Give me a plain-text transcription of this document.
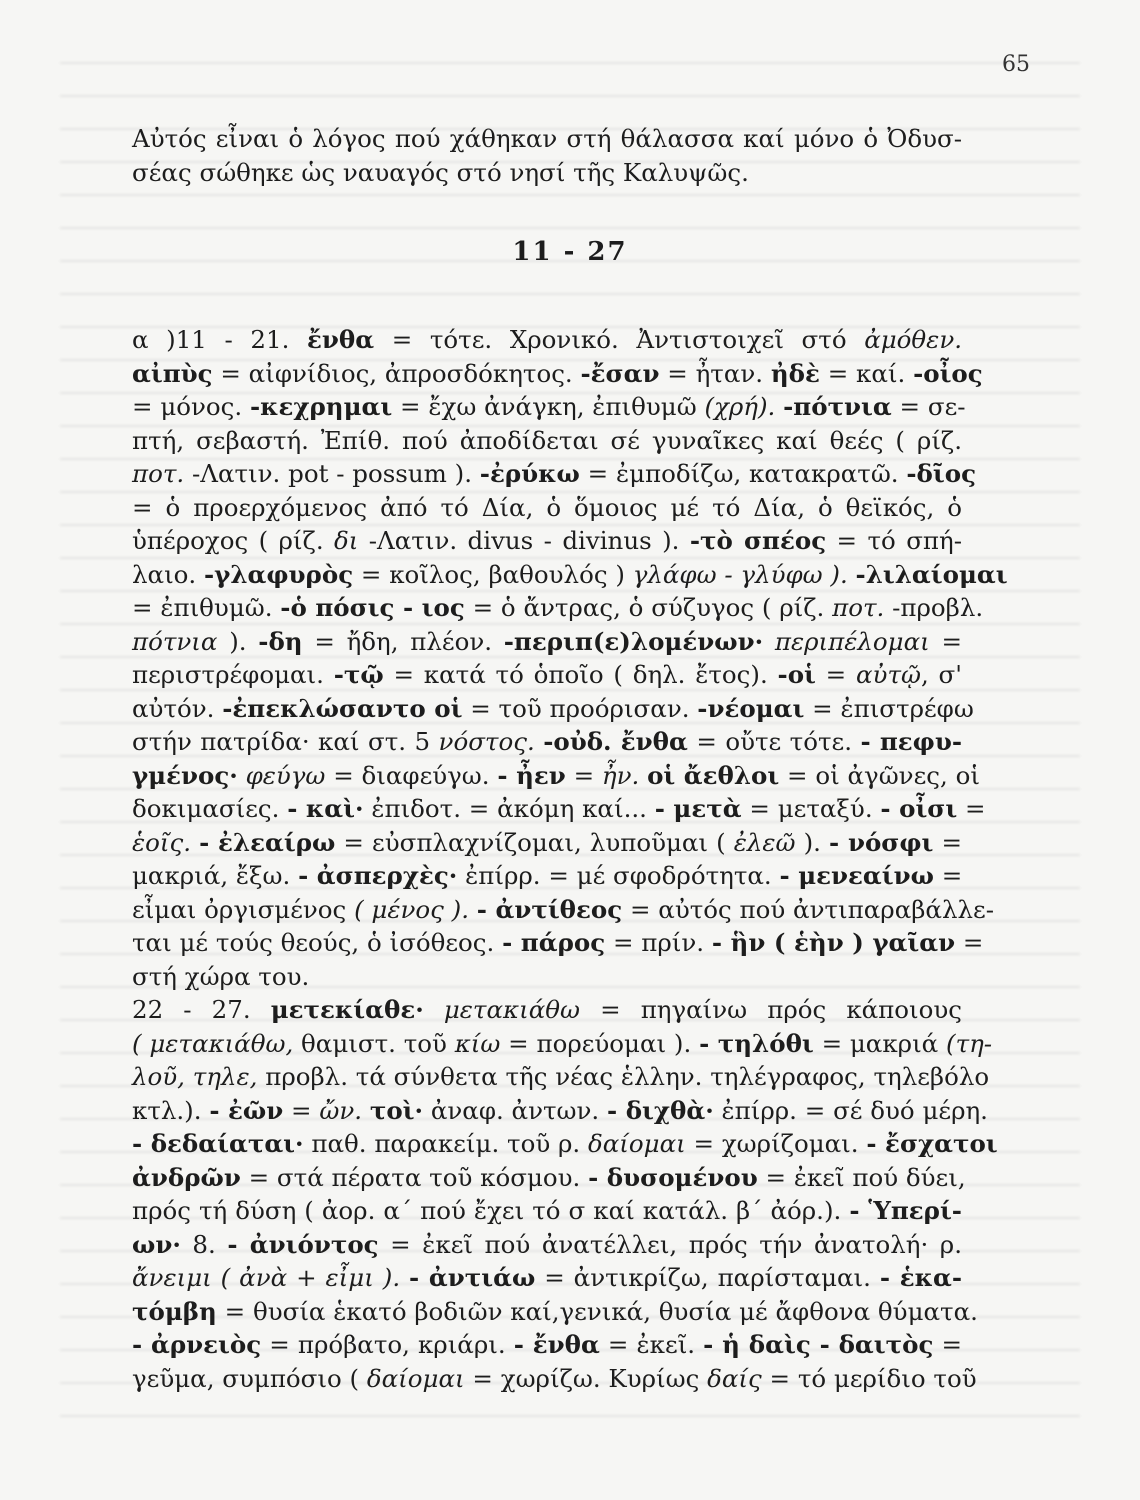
65
Αὐτός εἶναι ὁ λόγος πού χάθηκαν στή θάλασσα καί μόνο ὁ Ὀδυσ-
σέας σώθηκε ὡς ναυαγός στό νησί τῆς Καλυψῶς.
11 - 27
α )11 - 21. ἔνθα = τότε. Χρονικό. Ἀντιστοιχεῖ στό ἀμόθεν.
αἰπὺς = αἰφνίδιος, ἀπροσδόκητος. -ἔσαν = ἦταν. ἠδὲ = καί. -οἶος
= μόνος. -κεχρημαι = ἔχω ἀνάγκη, ἐπιθυμῶ (χρή). -πότνια = σε-
πτή, σεβαστή. Ἐπίθ. πού ἀποδίδεται σέ γυναῖκες καί θεές ( ρίζ.
ποτ. -Λατιν. pot - possum ). -ἐρύκω = ἐμποδίζω, κατακρατῶ. -δῖος
= ὁ προερχόμενος ἀπό τό Δία, ὁ ὅμοιος μέ τό Δία, ὁ θεϊκός, ὁ
ὑπέροχος ( ρίζ. δι -Λατιν. divus - divinus ). -τὸ σπέος = τό σπή-
λαιο. -γλαφυρὸς = κοῖλος, βαθουλός ) γλάφω - γλύφω ). -λιλαίομαι
= ἐπιθυμῶ. -ὁ πόσις - ιος = ὁ ἄντρας, ὁ σύζυγος ( ρίζ. ποτ. -προβλ.
πότνια ). -δη = ἤδη, πλέον. -περιπ(ε)λομένων· περιπέλομαι =
περιστρέφομαι. -τῷ = κατά τό ὁποῖο ( δηλ. ἔτος). -οἱ = αὐτῷ, σ'
αὐτόν. -ἐπεκλώσαντο οἱ = τοῦ προόρισαν. -νέομαι = ἐπιστρέφω
στήν πατρίδα· καί στ. 5 νόστος. -οὐδ. ἔνθα = οὔτε τότε. - πεφυ-
γμένος· φεύγω = διαφεύγω. - ἦεν = ἦν. οἱ ἄεθλοι = οἱ ἀγῶνες, οἱ
δοκιμασίες. - καὶ· ἐπιδοτ. = ἀκόμη καί... - μετὰ = μεταξύ. - οἶσι =
ἑοῖς. - ἐλεαίρω = εὐσπλαχνίζομαι, λυποῦμαι ( ἐλεῶ ). - νόσφι =
μακριά, ἔξω. - ἀσπερχὲς· ἐπίρρ. = μέ σφοδρότητα. - μενεαίνω =
εἶμαι ὀργισμένος ( μένος ). - ἀντίθεος = αὐτός πού ἀντιπαραβάλλε-
ται μέ τούς θεούς, ὁ ἰσόθεος. - πάρος = πρίν. - ἣν ( ἑὴν ) γαῖαν =
στή χώρα του.
22 - 27. μετεκίαθε· μετακιάθω = πηγαίνω πρός κάποιους
( μετακιάθω, θαμιστ. τοῦ κίω = πορεύομαι ). - τηλόθι = μακριά (τη-
λοῦ, τηλε, προβλ. τά σύνθετα τῆς νέας ἑλλην. τηλέγραφος, τηλεβόλο
κτλ.). - ἐῶν = ὤν. τοὶ· ἀναφ. ἀντων. - διχθὰ· ἐπίρρ. = σέ δυό μέρη.
- δεδαίαται· παθ. παρακείμ. τοῦ ρ. δαίομαι = χωρίζομαι. - ἔσχατοι
ἀνδρῶν = στά πέρατα τοῦ κόσμου. - δυσομένου = ἐκεῖ πού δύει,
πρός τή δύση ( ἀορ. α΄ πού ἔχει τό σ καί κατάλ. β΄ ἀόρ.). - Ὑπερί-
ων· 8. - ἀνιόντος = ἐκεῖ πού ἀνατέλλει, πρός τήν ἀνατολή· ρ.
ἄνειμι ( ἀνὰ + εἶμι ). - ἀντιάω = ἀντικρίζω, παρίσταμαι. - ἑκα-
τόμβη = θυσία ἑκατό βοδιῶν καί,γενικά, θυσία μέ ἄφθονα θύματα.
- ἀρνειὸς = πρόβατο, κριάρι. - ἔνθα = ἐκεῖ. - ἡ δαὶς - δαιτὸς =
γεῦμα, συμπόσιο ( δαίομαι = χωρίζω. Κυρίως δαίς = τό μερίδιο τοῦ
